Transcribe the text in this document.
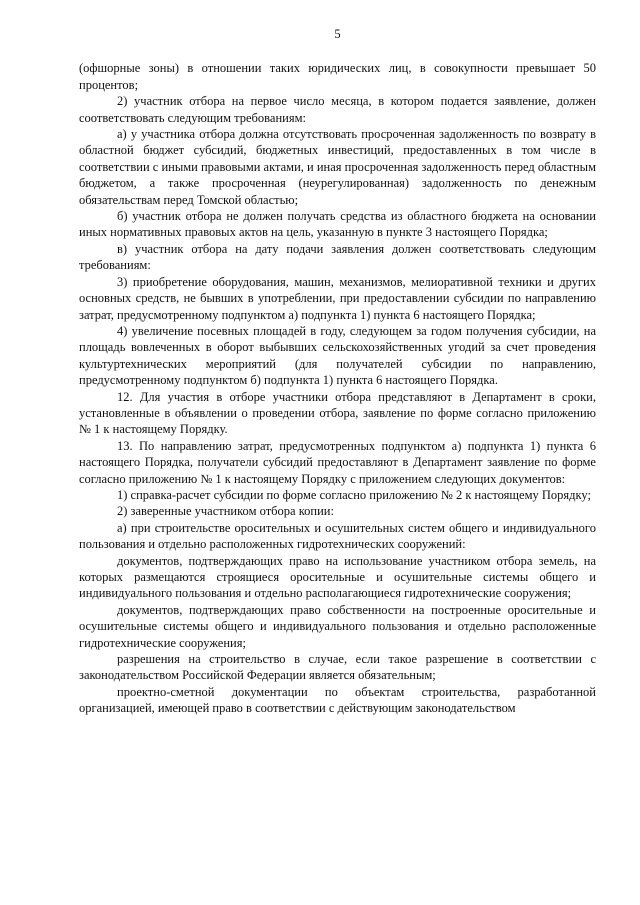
5

(офшорные зоны) в отношении таких юридических лиц, в совокупности превышает 50 процентов;

2) участник отбора на первое число месяца, в котором подается заявление, должен соответствовать следующим требованиям:

а) у участника отбора должна отсутствовать просроченная задолженность по возврату в областной бюджет субсидий, бюджетных инвестиций, предоставленных в том числе в соответствии с иными правовыми актами, и иная просроченная задолженность перед областным бюджетом, а также просроченная (неурегулированная) задолженность по денежным обязательствам перед Томской областью;

б) участник отбора не должен получать средства из областного бюджета на основании иных нормативных правовых актов на цель, указанную в пункте 3 настоящего Порядка;

в) участник отбора на дату подачи заявления должен соответствовать следующим требованиям:

3) приобретение оборудования, машин, механизмов, мелиоративной техники и других основных средств, не бывших в употреблении, при предоставлении субсидии по направлению затрат, предусмотренному подпунктом а) подпункта 1) пункта 6 настоящего Порядка;

4) увеличение посевных площадей в году, следующем за годом получения субсидии, на площадь вовлеченных в оборот выбывших сельскохозяйственных угодий за счет проведения культуртехнических мероприятий (для получателей субсидии по направлению, предусмотренному подпунктом б) подпункта 1) пункта 6 настоящего Порядка.

12. Для участия в отборе участники отбора представляют в Департамент в сроки, установленные в объявлении о проведении отбора, заявление по форме согласно приложению № 1 к настоящему Порядку.

13. По направлению затрат, предусмотренных подпунктом а) подпункта 1) пункта 6 настоящего Порядка, получатели субсидий предоставляют в Департамент заявление по форме согласно приложению № 1 к настоящему Порядку с приложением следующих документов:

1) справка-расчет субсидии по форме согласно приложению № 2 к настоящему Порядку;

2) заверенные участником отбора копии:

а) при строительстве оросительных и осушительных систем общего и индивидуального пользования и отдельно расположенных гидротехнических сооружений:

документов, подтверждающих право на использование участником отбора земель, на которых размещаются строящиеся оросительные и осушительные системы общего и индивидуального пользования и отдельно располагающиеся гидротехнические сооружения;

документов, подтверждающих право собственности на построенные оросительные и осушительные системы общего и индивидуального пользования и отдельно расположенные гидротехнические сооружения;

разрешения на строительство в случае, если такое разрешение в соответствии с законодательством Российской Федерации является обязательным;

проектно-сметной документации по объектам строительства, разработанной организацией, имеющей право в соответствии с действующим законодательством
